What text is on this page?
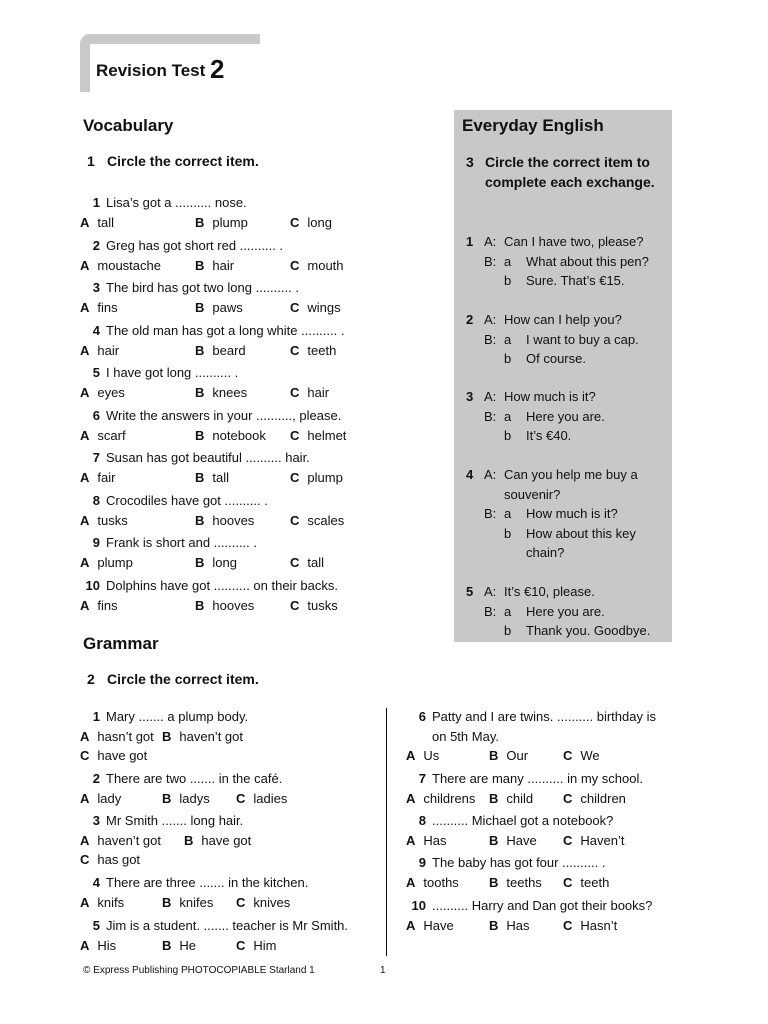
Revision Test 2
Vocabulary
1 Circle the correct item.
1 Lisa’s got a .......... nose.
A tall	B plump	C long
2 Greg has got short red .......... .
A moustache	B hair	C mouth
3 The bird has got two long .......... .
A fins	B paws	C wings
4 The old man has got a long white .......... .
A hair	B beard	C teeth
5 I have got long .......... .
A eyes	B knees	C hair
6 Write the answers in your .........., please.
A scarf	B notebook C helmet
7 Susan has got beautiful .......... hair.
A fair	B tall	C plump
8 Crocodiles have got .......... .
A tusks	B hooves	C scales
9 Frank is short and .......... .
A plump	B long	C tall
10 Dolphins have got .......... on their backs.
A fins	B hooves	C tusks
Everyday English
3 Circle the correct item to complete each exchange.
1 A: Can I have two, please?
B: a What about this pen?
b Sure. That’s €15.
2 A: How can I help you?
B: a I want to buy a cap.
b Of course.
3 A: How much is it?
B: a Here you are.
b It’s €40.
4 A: Can you help me buy a
souvenir?
B: a How much is it?
b How about this key
chain?
5 A: It’s €10, please.
B: a Here you are.
b Thank you. Goodbye.
Grammar
2 Circle the correct item.
1 Mary ....... a plump body.
A hasn’t got B haven’t got
C have got
2 There are two ....... in the café.
A lady	B ladys C ladies
3 Mr Smith ....... long hair.
A haven’t got B have got
C has got
4 There are three ....... in the kitchen.
A knifs	B knifes C knives
5 Jim is a student. ....... teacher is Mr Smith.
A His	B He	C Him
6 Patty and I are twins. .......... birthday is
on 5th May.
A Us	B Our	C We
7 There are many .......... in my school.
A childrens B child C children
8 .......... Michael got a notebook?
A Has	B Have C Haven’t
9 The baby has got four .......... .
A tooths B teeths C teeth
10 .......... Harry and Dan got their books?
A Have	B Has	C Hasn’t
© Express Publishing PHOTOCOPIABLE Starland 1	1
